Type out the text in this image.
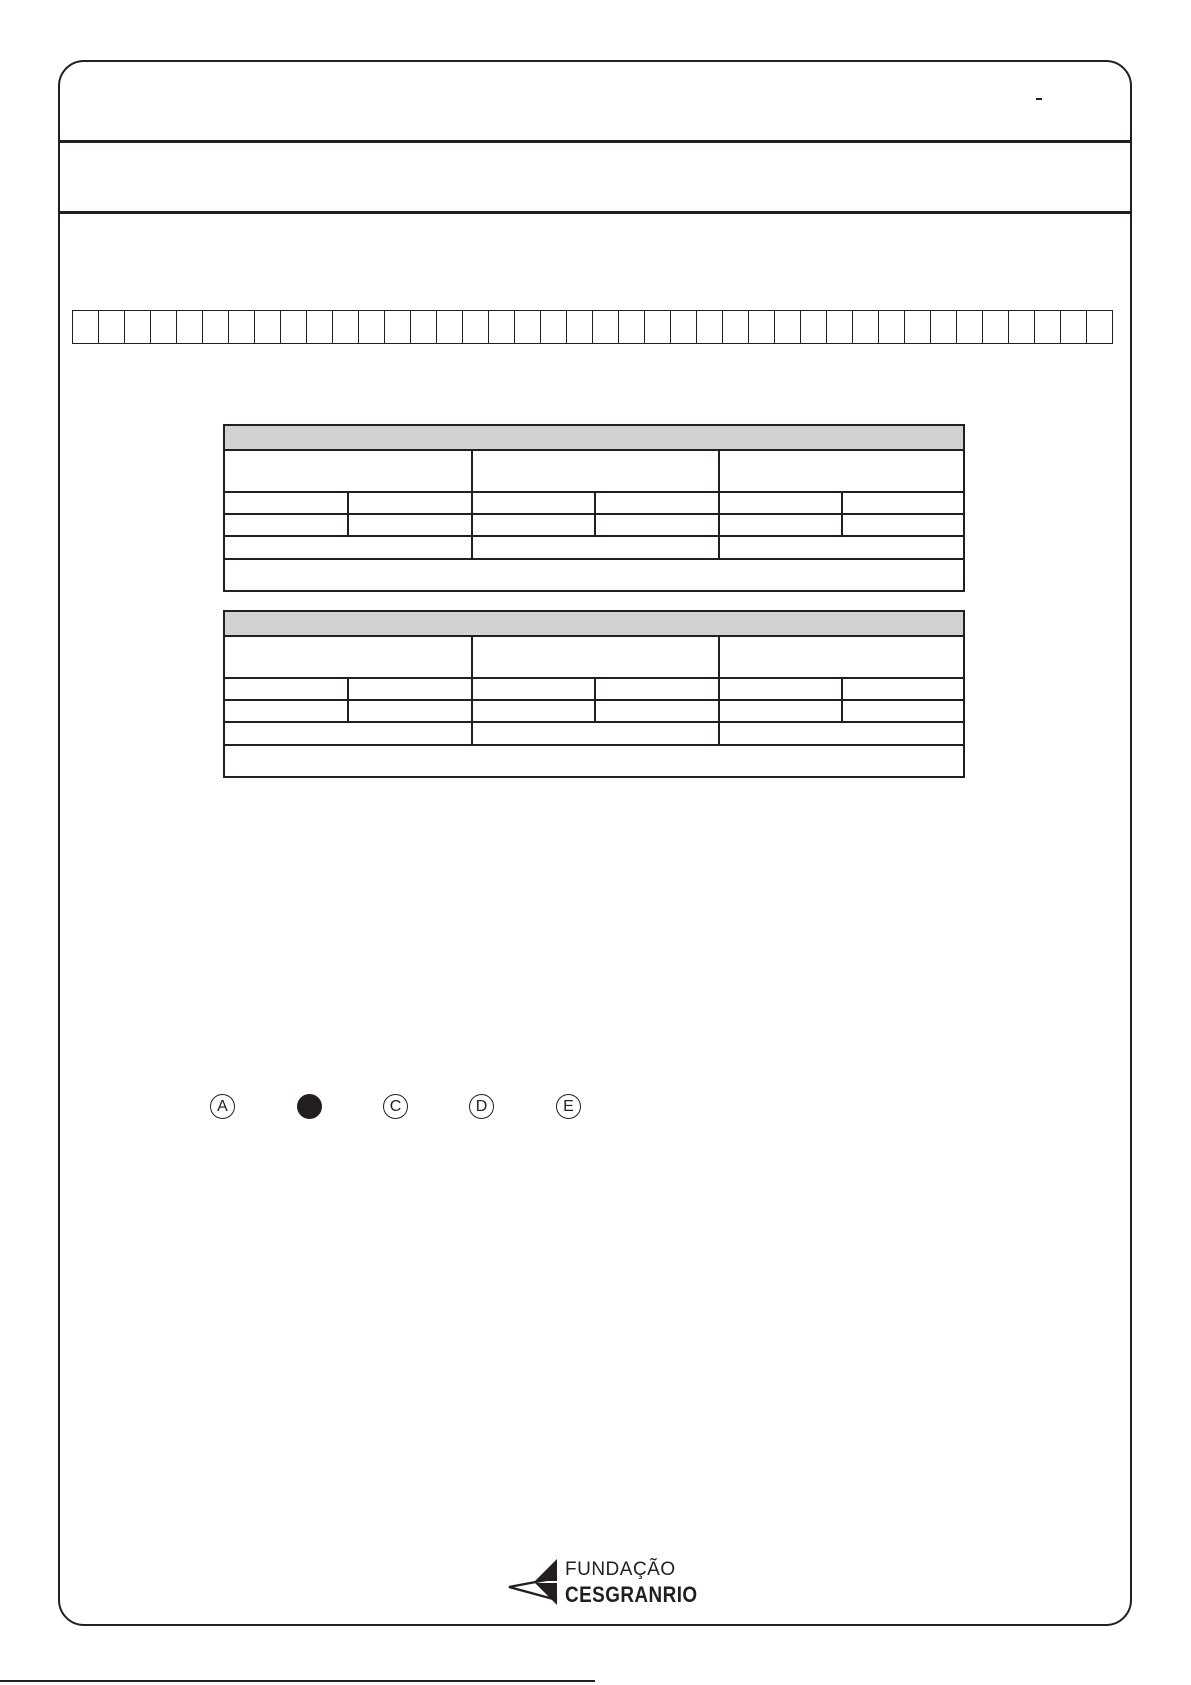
A	C	D	E
FUNDAÇÃO
CESGRANRIO
